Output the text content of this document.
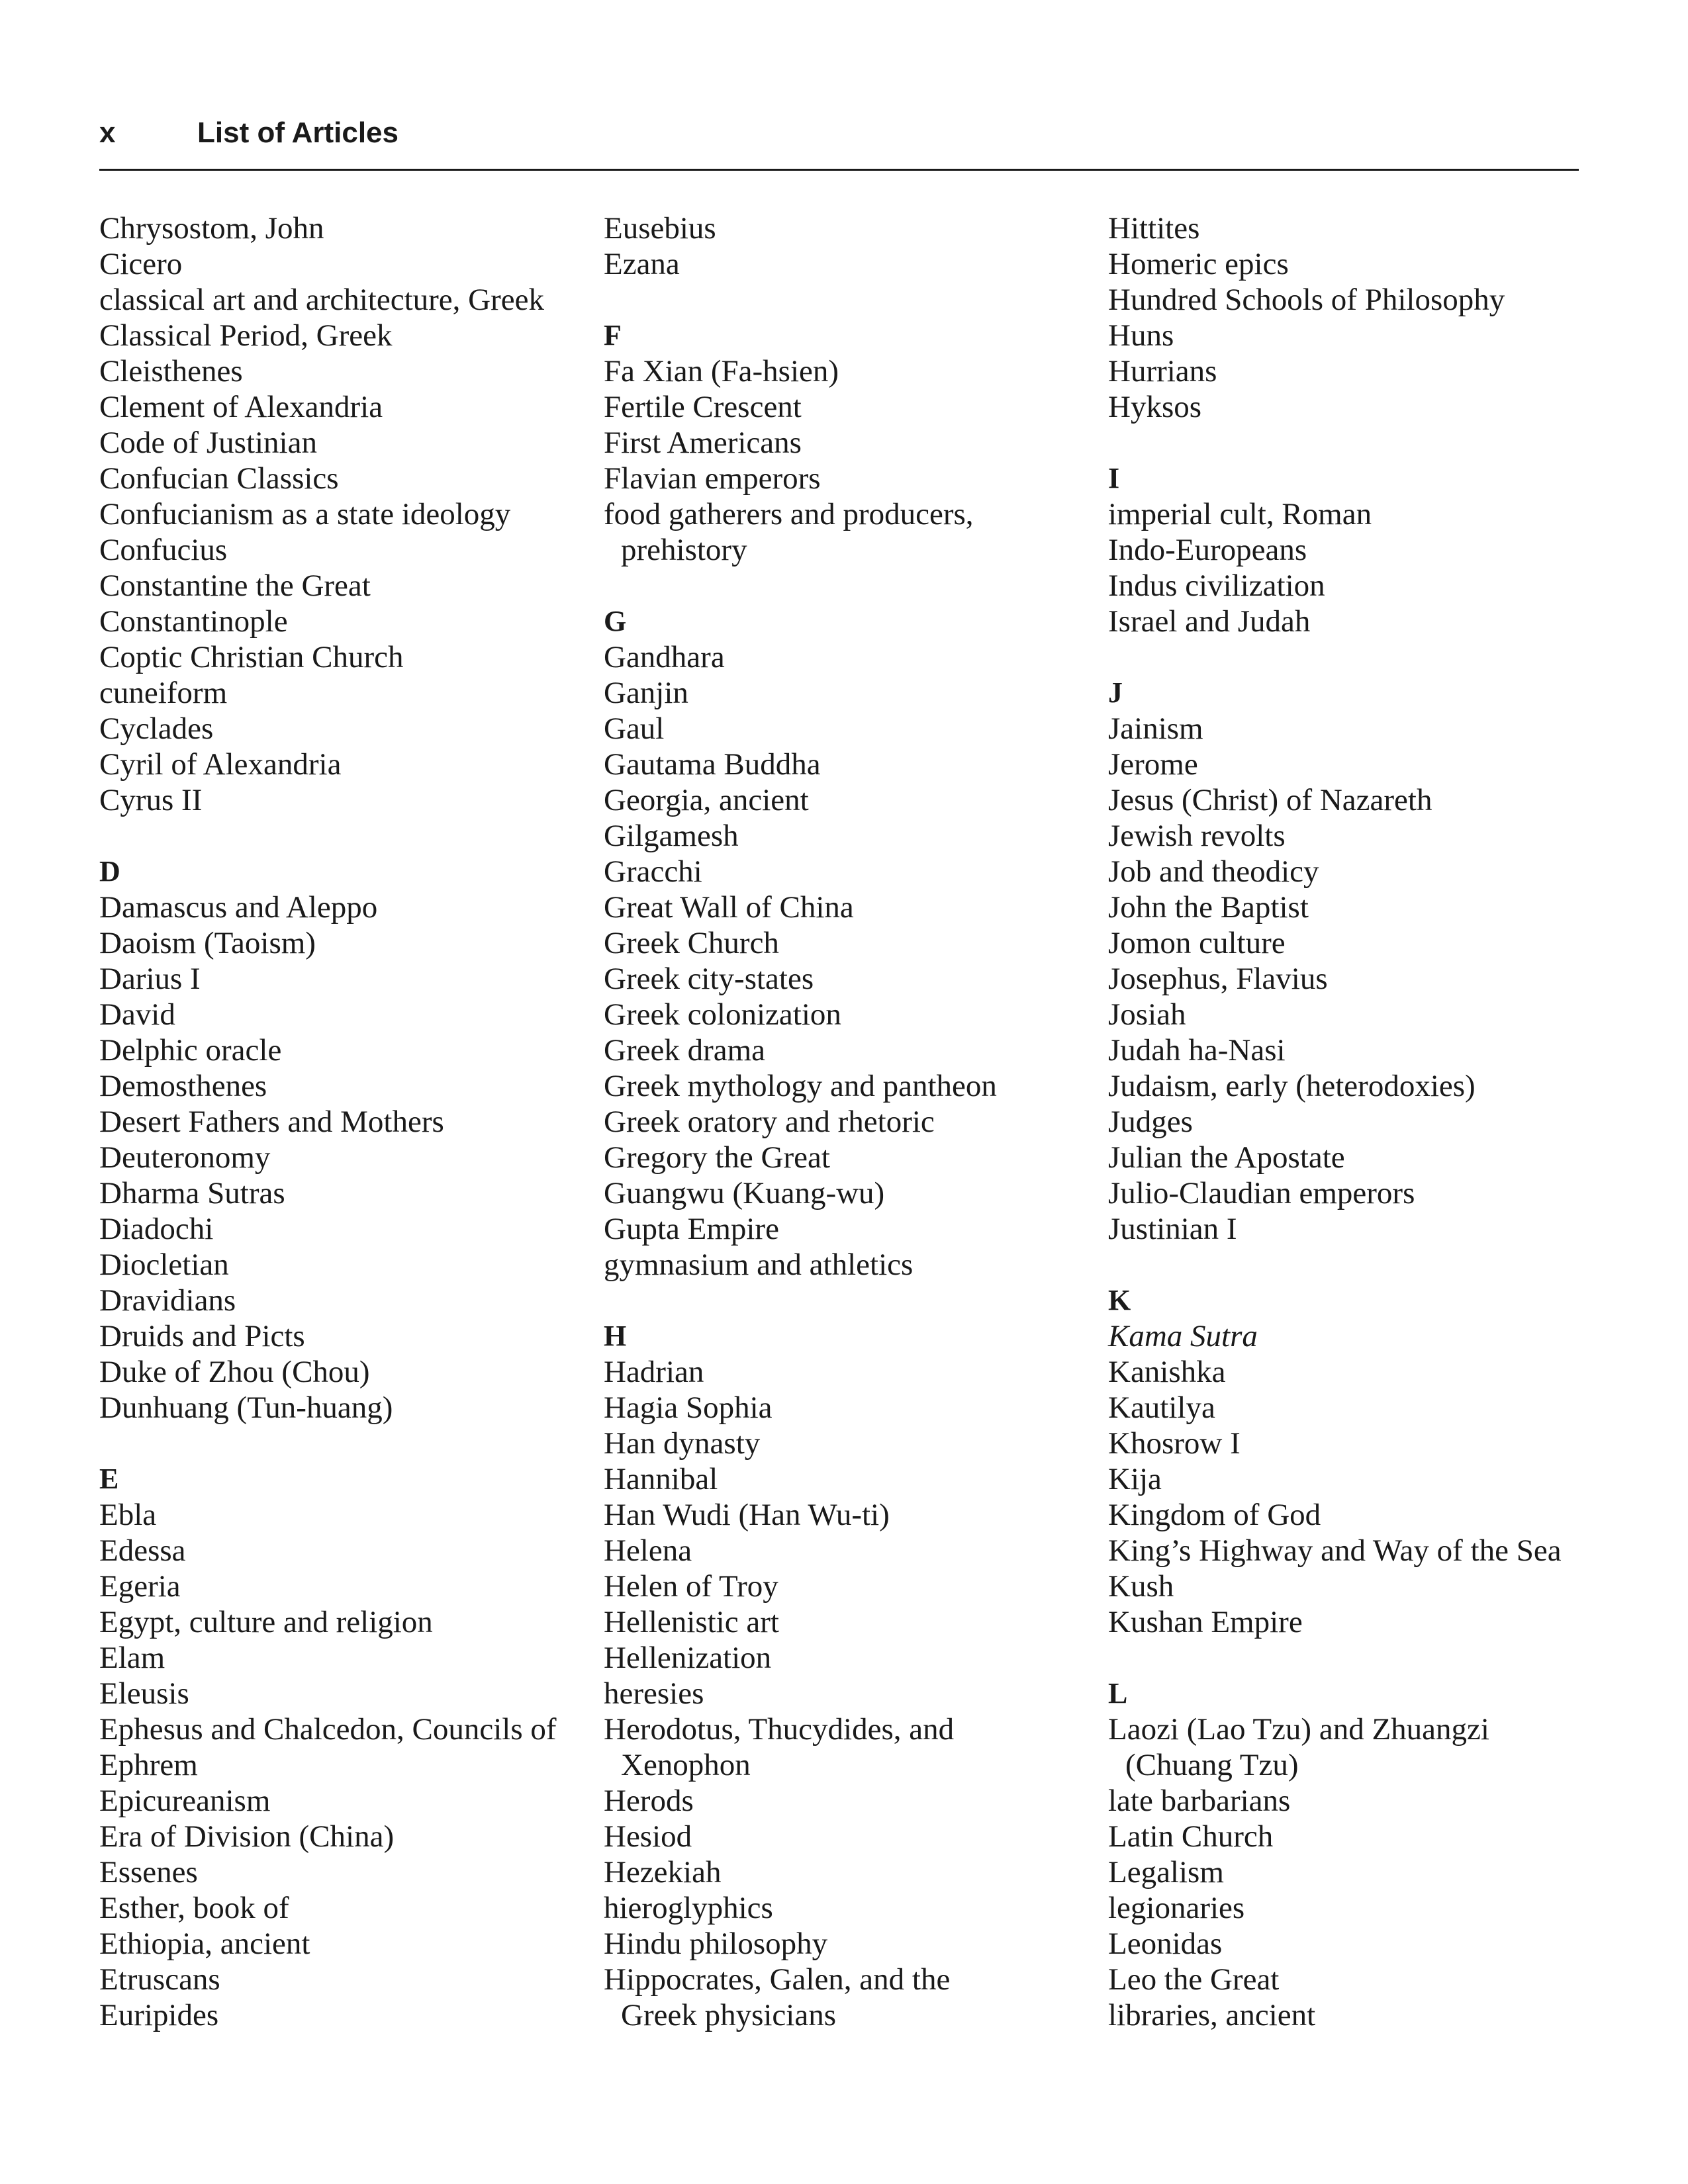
x	List of Articles
Chrysostom, John
Cicero
classical art and architecture, Greek
Classical Period, Greek
Cleisthenes
Clement of Alexandria
Code of Justinian
Confucian Classics
Confucianism as a state ideology
Confucius
Constantine the Great
Constantinople
Coptic Christian Church
cuneiform
Cyclades
Cyril of Alexandria
Cyrus II
D
Damascus and Aleppo
Daoism (Taoism)
Darius I
David
Delphic oracle
Demosthenes
Desert Fathers and Mothers
Deuteronomy
Dharma Sutras
Diadochi
Diocletian
Dravidians
Druids and Picts
Duke of Zhou (Chou)
Dunhuang (Tun-huang)
E
Ebla
Edessa
Egeria
Egypt, culture and religion
Elam
Eleusis
Ephesus and Chalcedon, Councils of
Ephrem
Epicureanism
Era of Division (China)
Essenes
Esther, book of
Ethiopia, ancient
Etruscans
Euripides
Eusebius
Ezana
F
Fa Xian (Fa-hsien)
Fertile Crescent
First Americans
Flavian emperors
food gatherers and producers,
prehistory
G
Gandhara
Ganjin
Gaul
Gautama Buddha
Georgia, ancient
Gilgamesh
Gracchi
Great Wall of China
Greek Church
Greek city-states
Greek colonization
Greek drama
Greek mythology and pantheon
Greek oratory and rhetoric
Gregory the Great
Guangwu (Kuang-wu)
Gupta Empire
gymnasium and athletics
H
Hadrian
Hagia Sophia
Han dynasty
Hannibal
Han Wudi (Han Wu-ti)
Helena
Helen of Troy
Hellenistic art
Hellenization
heresies
Herodotus, Thucydides, and
Xenophon
Herods
Hesiod
Hezekiah
hieroglyphics
Hindu philosophy
Hippocrates, Galen, and the
Greek physicians
Hittites
Homeric epics
Hundred Schools of Philosophy
Huns
Hurrians
Hyksos
I
imperial cult, Roman
Indo-Europeans
Indus civilization
Israel and Judah
J
Jainism
Jerome
Jesus (Christ) of Nazareth
Jewish revolts
Job and theodicy
John the Baptist
Jomon culture
Josephus, Flavius
Josiah
Judah ha-Nasi
Judaism, early (heterodoxies)
Judges
Julian the Apostate
Julio-Claudian emperors
Justinian I
K
Kama Sutra
Kanishka
Kautilya
Khosrow I
Kija
Kingdom of God
King’s Highway and Way of the Sea
Kush
Kushan Empire
L
Laozi (Lao Tzu) and Zhuangzi
(Chuang Tzu)
late barbarians
Latin Church
Legalism
legionaries
Leonidas
Leo the Great
libraries, ancient
